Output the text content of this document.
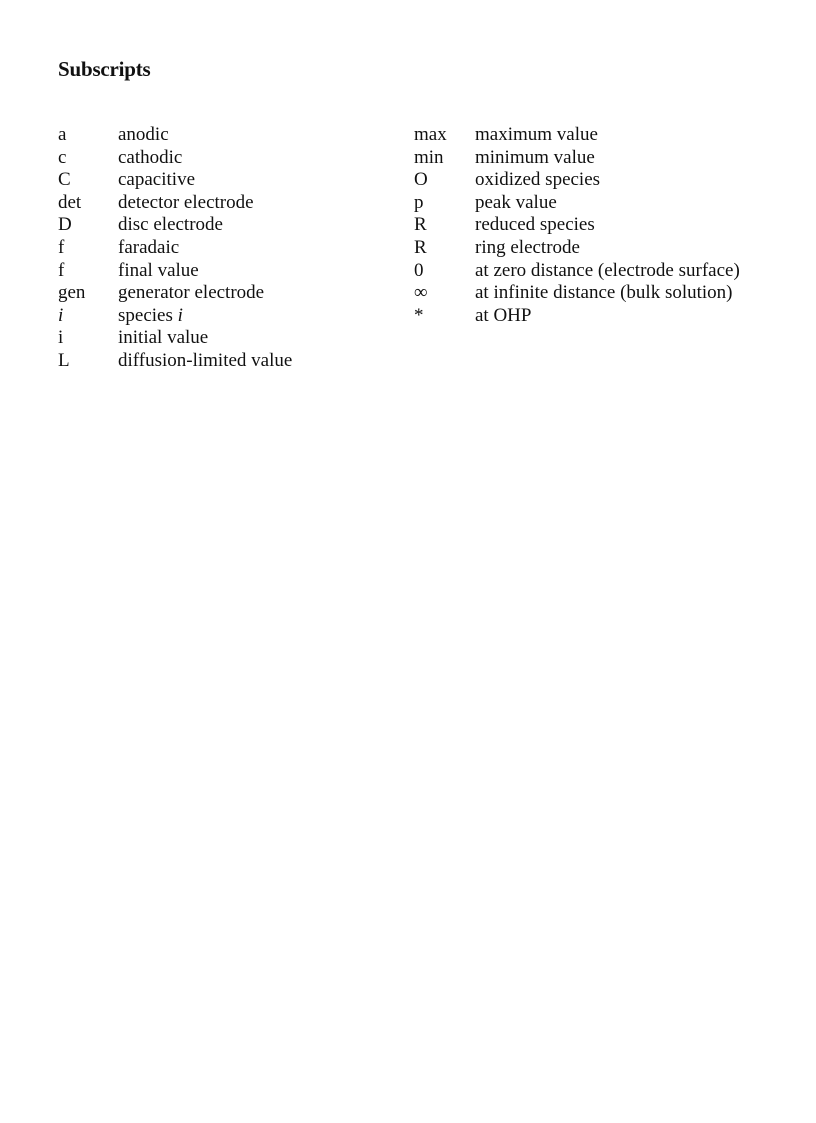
Subscripts
a	anodic
c	cathodic
C	capacitive
det	detector electrode
D	disc electrode
f	faradaic
f	final value
gen	generator electrode
i	species i
i	initial value
L	diffusion-limited value
max	maximum value
min	minimum value
O	oxidized species
p	peak value
R	reduced species
R	ring electrode
0	at zero distance (electrode surface)
∞	at infinite distance (bulk solution)
*	at OHP
